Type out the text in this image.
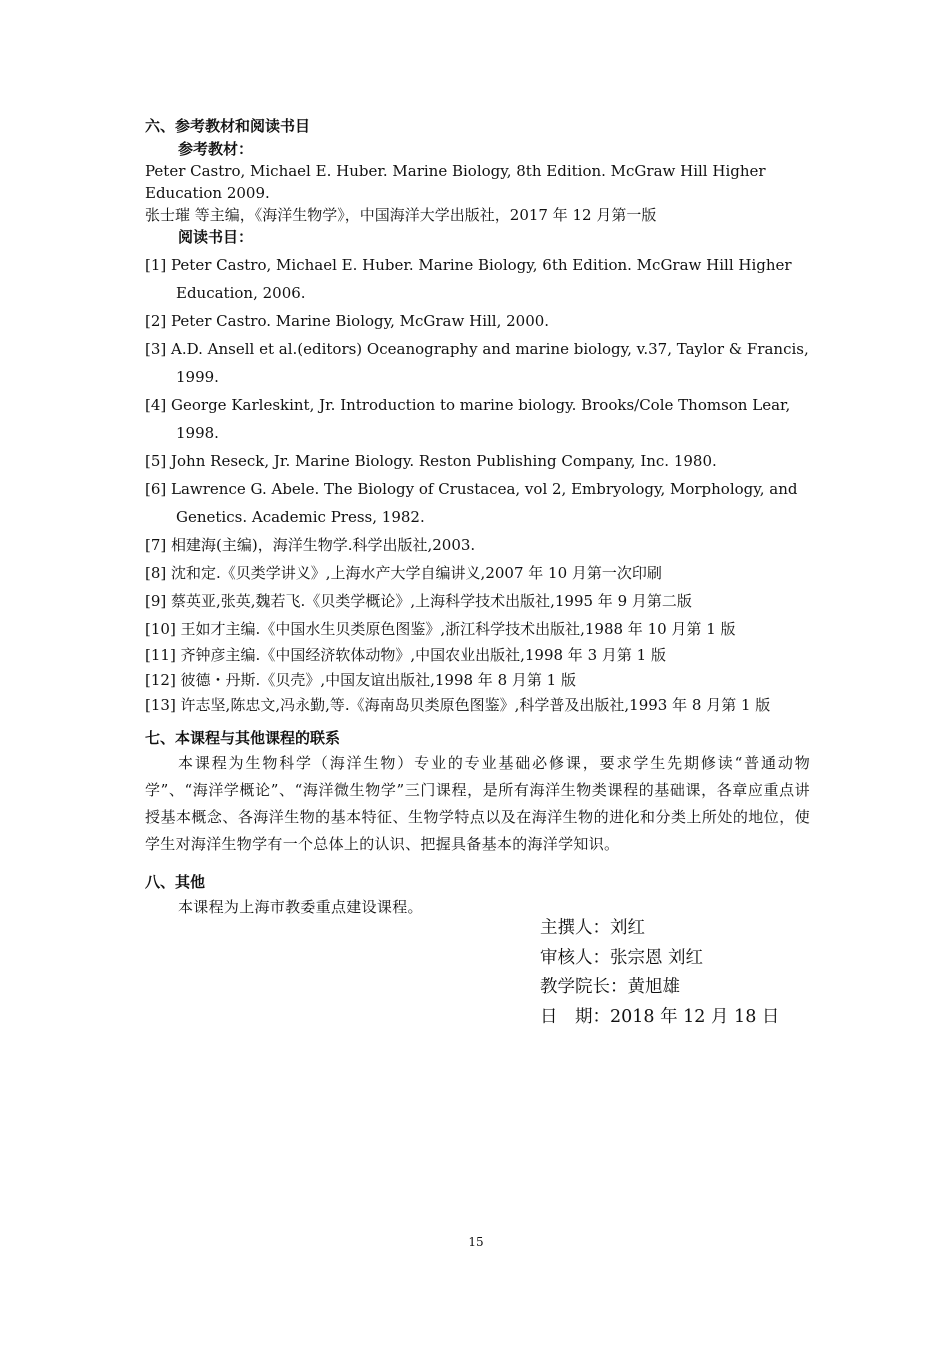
六、参考教材和阅读书目
参考教材：

Peter Castro, Michael E. Huber. Marine Biology, 8th Edition. McGraw Hill Higher Education 2009.

张士璀 等主编，《海洋生物学》，中国海洋大学出版社，2017 年 12 月第一版

阅读书目：
[1] Peter Castro, Michael E. Huber. Marine Biology, 6th Edition. McGraw Hill Higher Education, 2006.
[2] Peter Castro. Marine Biology, McGraw Hill, 2000.
[3] A.D. Ansell et al.(editors) Oceanography and marine biology, v.37, Taylor & Francis, 1999.
[4] George Karleskint, Jr. Introduction to marine biology. Brooks/Cole Thomson Lear, 1998.
[5] John Reseck, Jr. Marine Biology. Reston Publishing Company, Inc. 1980.
[6] Lawrence G. Abele. The Biology of Crustacea, vol 2, Embryology, Morphology, and Genetics. Academic Press, 1982.
[7] 相建海(主编)，海洋生物学.科学出版社,2003.
[8] 沈和定.《贝类学讲义》,上海水产大学自编讲义,2007 年 10 月第一次印刷
[9] 蔡英亚,张英,魏若飞.《贝类学概论》,上海科学技术出版社,1995 年 9 月第二版
[10] 王如才主编.《中国水生贝类原色图鉴》,浙江科学技术出版社,1988 年 10 月第 1 版
[11] 齐钟彦主编.《中国经济软体动物》,中国农业出版社,1998 年 3 月第 1 版
[12] 彼德・丹斯.《贝壳》,中国友谊出版社,1998 年 8 月第 1 版
[13] 许志坚,陈忠文,冯永勤,等.《海南岛贝类原色图鉴》,科学普及出版社,1993 年 8 月第 1 版
七、本课程与其他课程的联系

本课程为生物科学（海洋生物）专业的专业基础必修课，要求学生先期修读“普通动物学”、“海洋学概论”、“海洋微生物学”三门课程，是所有海洋生物类课程的基础课，各章应重点讲授基本概念、各海洋生物的基本特征、生物学特点以及在海洋生物的进化和分类上所处的地位，使学生对海洋生物学有一个总体上的认识、把握具备基本的海洋学知识。

八、其他

本课程为上海市教委重点建设课程。

主撰人：刘红

审核人：张宗恩 刘红

教学院长：黄旭雄

日　期：2018 年 12 月 18 日

15
